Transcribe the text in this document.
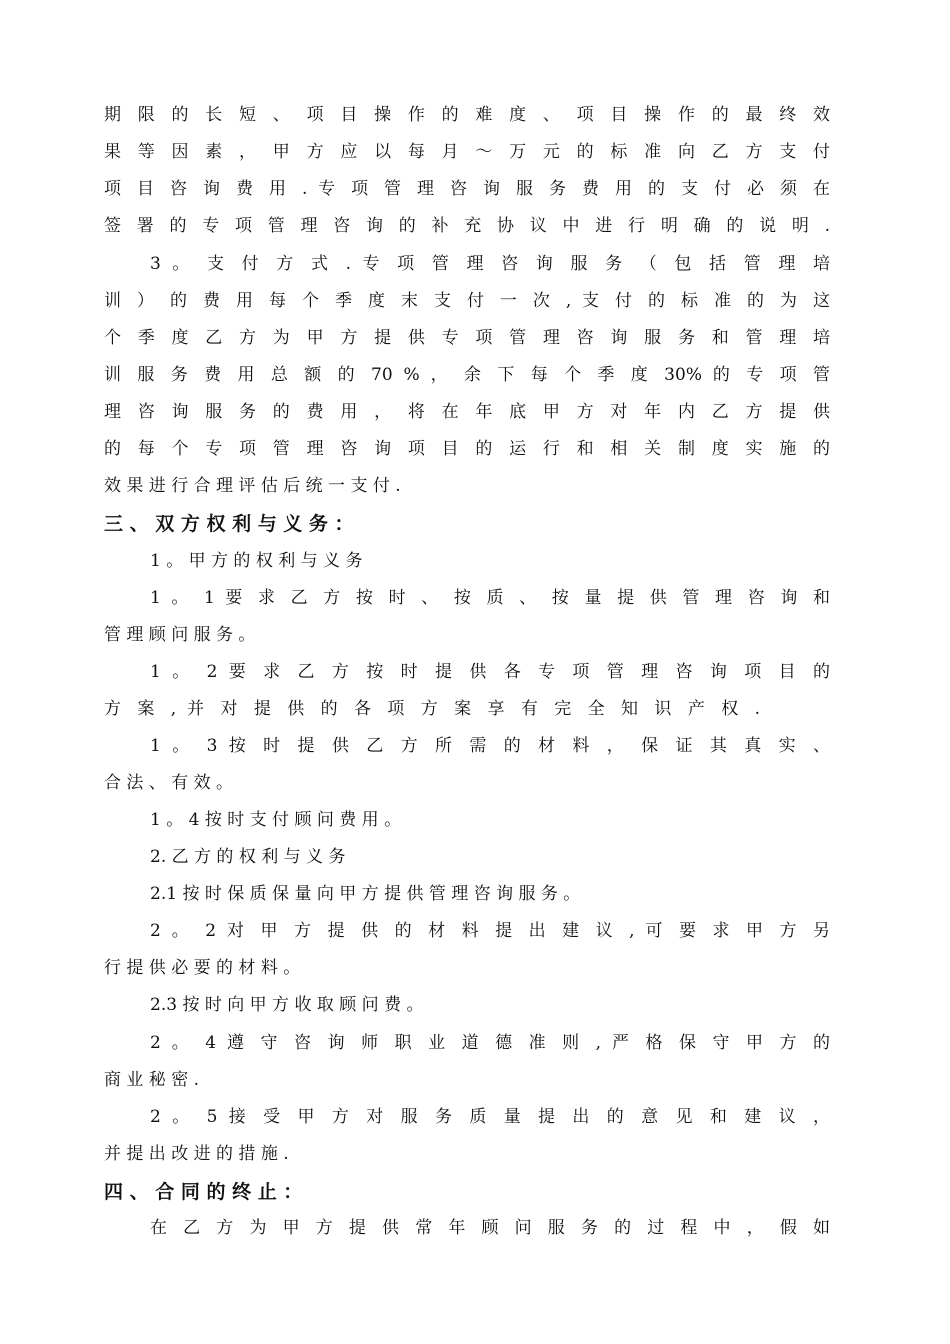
期 限 的 长 短 、 项 目 操 作 的 难 度 、 项 目 操 作 的 最 终 效
果 等 因 素 ， 甲 方 应 以 每 月 ～ 万 元 的 标 准 向 乙 方 支 付
项 目 咨 询 费 用 . 专 项 管 理 咨 询 服 务 费 用 的 支 付 必 须 在
签 署 的 专 项 管 理 咨 询 的 补 充 协 议 中 进 行 明 确 的 说 明 .
3 。 支 付 方 式 . 专 项 管 理 咨 询 服 务 （ 包 括 管 理 培
训 ） 的 费 用 每 个 季 度 末 支 付 一 次 , 支 付 的 标 准 的 为 这
个 季 度 乙 方 为 甲 方 提 供 专 项 管 理 咨 询 服 务 和 管 理 培
训 服 务 费 用 总 额 的 70 % ， 余 下 每 个 季 度 30% 的 专 项 管
理 咨 询 服 务 的 费 用 ， 将 在 年 底 甲 方 对 年 内 乙 方 提 供
的 每 个 专 项 管 理 咨 询 项 目 的 运 行 和 相 关 制 度 实 施 的
效 果 进 行 合 理 评 估 后 统 一 支 付 .
三 、 双 方 权 利 与 义 务 ：
1 。 甲 方 的 权 利 与 义 务
1 。 1 要 求 乙 方 按 时 、 按 质 、 按 量 提 供 管 理 咨 询 和
管 理 顾 问 服 务 。
1 。 2 要 求 乙 方 按 时 提 供 各 专 项 管 理 咨 询 项 目 的
方 案 , 并 对 提 供 的 各 项 方 案 享 有 完 全 知 识 产 权 .
1 。 3 按 时 提 供 乙 方 所 需 的 材 料 ， 保 证 其 真 实 、
合 法 、 有 效 。
1 。 4 按 时 支 付 顾 问 费 用 。
2. 乙 方 的 权 利 与 义 务
2.1 按 时 保 质 保 量 向 甲 方 提 供 管 理 咨 询 服 务 。
2 。 2 对 甲 方 提 供 的 材 料 提 出 建 议 , 可 要 求 甲 方 另
行 提 供 必 要 的 材 料 。
2.3 按 时 向 甲 方 收 取 顾 问 费 。
2 。 4 遵 守 咨 询 师 职 业 道 德 准 则 , 严 格 保 守 甲 方 的
商 业 秘 密 .
2 。 5 接 受 甲 方 对 服 务 质 量 提 出 的 意 见 和 建 议 ，
并 提 出 改 进 的 措 施 .
四 、 合 同 的 终 止 ：
在 乙 方 为 甲 方 提 供 常 年 顾 问 服 务 的 过 程 中 ， 假 如
